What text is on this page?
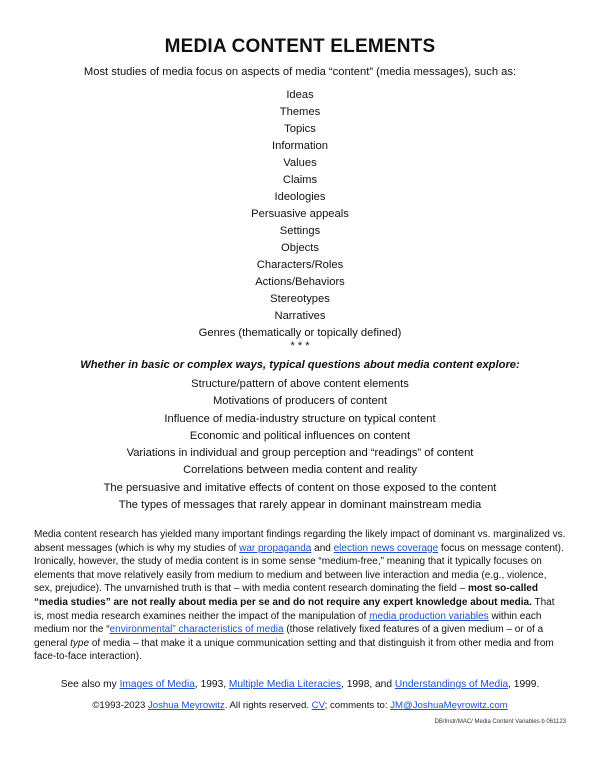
MEDIA CONTENT ELEMENTS
Most studies of media focus on aspects of media “content” (media messages), such as:
Ideas
Themes
Topics
Information
Values
Claims
Ideologies
Persuasive appeals
Settings
Objects
Characters/Roles
Actions/Behaviors
Stereotypes
Narratives
Genres (thematically or topically defined)
* * *
Whether in basic or complex ways, typical questions about media content explore:
Structure/pattern of above content elements
Motivations of producers of content
Influence of media-industry structure on typical content
Economic and political influences on content
Variations in individual and group perception and “readings” of content
Correlations between media content and reality
The persuasive and imitative effects of content on those exposed to the content
The types of messages that rarely appear in dominant mainstream media
Media content research has yielded many important findings regarding the likely impact of dominant vs. marginalized vs. absent messages (which is why my studies of war propaganda and election news coverage focus on message content). Ironically, however, the study of media content is in some sense “medium-free,” meaning that it typically focuses on elements that move relatively easily from medium to medium and between live interaction and media (e.g., violence, sex, prejudice). The unvarnished truth is that – with media content research dominating the field – most so-called “media studies” are not really about media per se and do not require any expert knowledge about media. That is, most media research examines neither the impact of the manipulation of media production variables within each medium nor the “environmental” characteristics of media (those relatively fixed features of a given medium – or of a general type of media – that make it a unique communication setting and that distinguish it from other media and from face-to-face interaction).
See also my Images of Media, 1993, Multiple Media Literacies, 1998, and Understandings of Media, 1999.
©1993-2023 Joshua Meyrowitz. All rights reserved. CV; comments to: JM@JoshuaMeyrowitz.com
DB/Instr/MAC/ Media Content Variables b 061123
